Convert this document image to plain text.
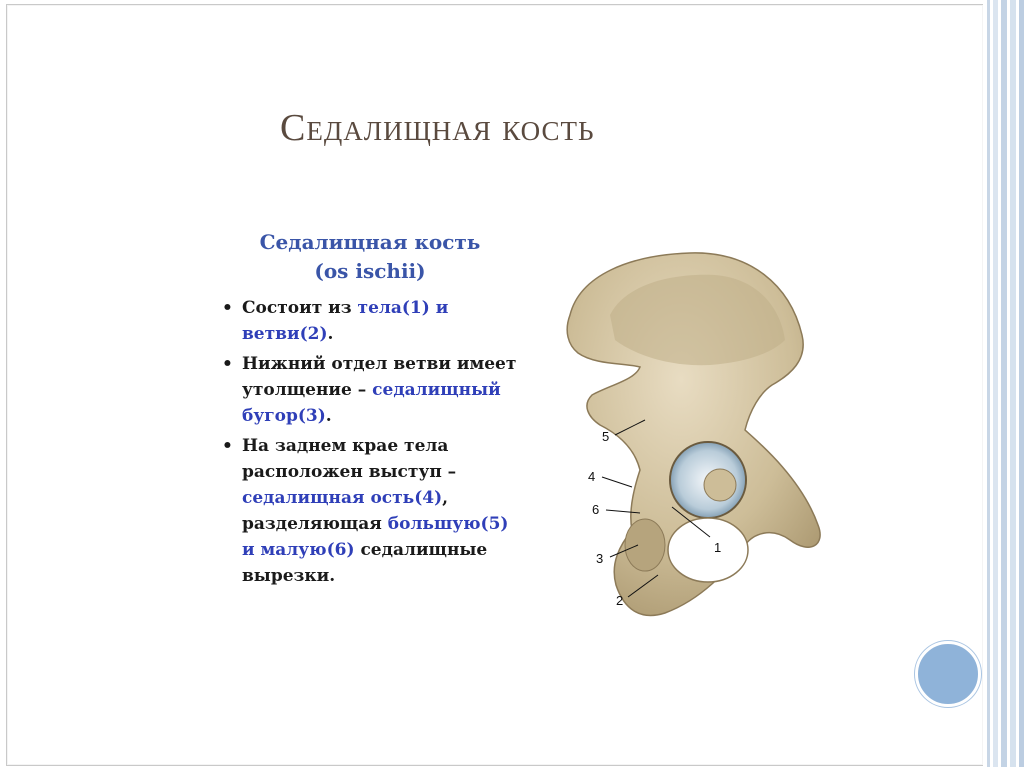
Седалищная кость
Седалищная кость
(os ischii)
• Состоит из тела(1) и ветви(2).
• Нижний отдел ветви имеет утолщение – седалищный бугор(3).
• На заднем крае тела расположен выступ – седалищная ость(4), разделяющая большую(5) и малую(6) седалищные вырезки.
5
4
6
3
1
2
